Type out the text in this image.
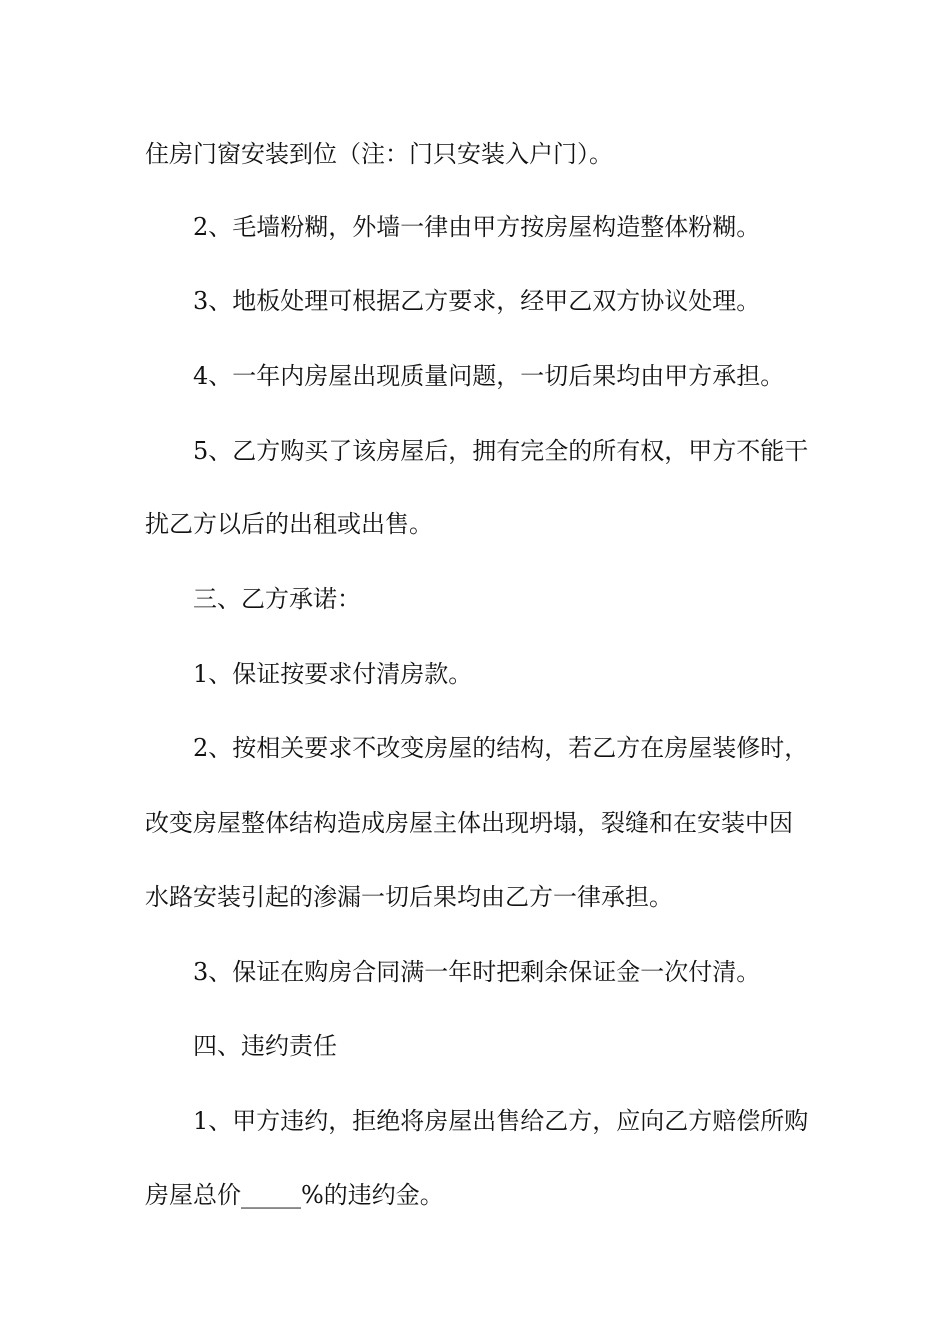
住房门窗安装到位（注：门只安装入户门）。
2、毛墙粉糊，外墙一律由甲方按房屋构造整体粉糊。
3、地板处理可根据乙方要求，经甲乙双方协议处理。
4、一年内房屋出现质量问题，一切后果均由甲方承担。
5、乙方购买了该房屋后，拥有完全的所有权，甲方不能干
扰乙方以后的出租或出售。
三、乙方承诺：
1、保证按要求付清房款。
2、按相关要求不改变房屋的结构，若乙方在房屋装修时，
改变房屋整体结构造成房屋主体出现坍塌，裂缝和在安装中因
水路安装引起的渗漏一切后果均由乙方一律承担。
3、保证在购房合同满一年时把剩余保证金一次付清。
四、违约责任
1、甲方违约，拒绝将房屋出售给乙方，应向乙方赔偿所购
房屋总价_____%的违约金。
